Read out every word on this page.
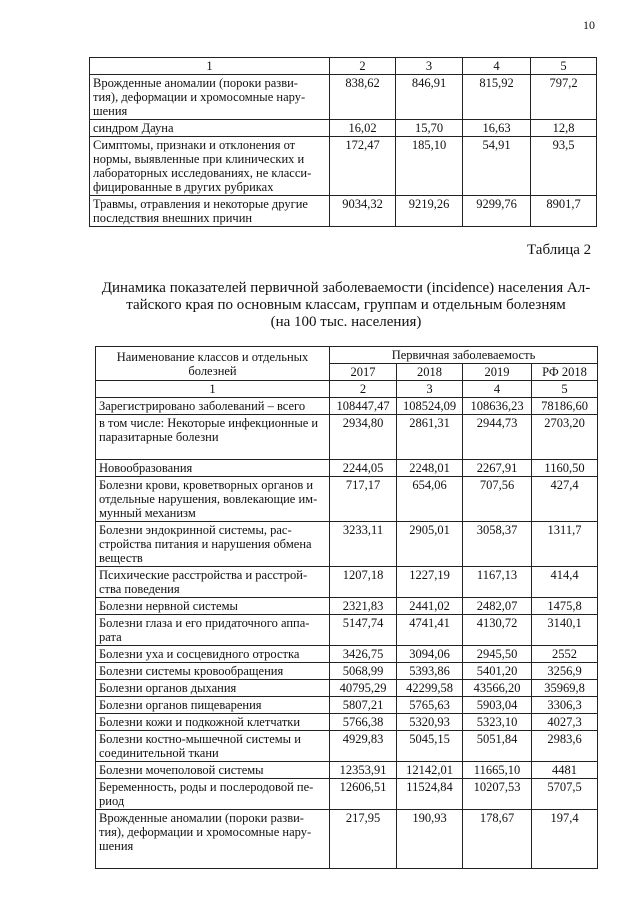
10
1	2	3	4	5

Врожденные аномалии (пороки разви-
тия), деформации и хромосомные нару-
шения	838,62	846,91	815,92	797,2

синдром Дауна	16,02	15,70	16,63	12,8

Симптомы, признаки и отклонения от
нормы, выявленные при клинических и
лабораторных исследованиях, не класси-
фицированные в других рубриках	172,47	185,10	54,91	93,5

Травмы, отравления и некоторые другие
последствия внешних причин	9034,32	9219,26	9299,76	8901,7
Таблица 2
Динамика показателей первичной заболеваемости (incidence) населения Ал-
тайского края по основным классам, группам и отдельным болезням
(на 100 тыс. населения)
Наименование классов и отдельных
болезней	Первичная заболеваемость			
	2017	2018	2019	РФ 2018
1	2	3	4	5

Зарегистрировано заболеваний – всего	108447,47	108524,09	108636,23	78186,60

в том числе: Некоторые инфекционные и
паразитарные болезни	2934,80	2861,31	2944,73	2703,20

Новообразования	2244,05	2248,01	2267,91	1160,50

Болезни крови, кроветворных органов и
отдельные нарушения, вовлекающие им-
мунный механизм	717,17	654,06	707,56	427,4

Болезни эндокринной системы, рас-
стройства питания и нарушения обмена
веществ	3233,11	2905,01	3058,37	1311,7

Психические расстройства и расстрой-
ства поведения	1207,18	1227,19	1167,13	414,4

Болезни нервной системы	2321,83	2441,02	2482,07	1475,8

Болезни глаза и его придаточного аппа-
рата	5147,74	4741,41	4130,72	3140,1

Болезни уха и сосцевидного отростка	3426,75	3094,06	2945,50	2552

Болезни системы кровообращения	5068,99	5393,86	5401,20	3256,9

Болезни органов дыхания	40795,29	42299,58	43566,20	35969,8

Болезни органов пищеварения	5807,21	5765,63	5903,04	3306,3

Болезни кожи и подкожной клетчатки	5766,38	5320,93	5323,10	4027,3

Болезни костно-мышечной системы и
соединительной ткани	4929,83	5045,15	5051,84	2983,6

Болезни мочеполовой системы	12353,91	12142,01	11665,10	4481

Беременность, роды и послеродовой пе-
риод	12606,51	11524,84	10207,53	5707,5

Врожденные аномалии (пороки разви-
тия), деформации и хромосомные нару-
шения	217,95	190,93	178,67	197,4
